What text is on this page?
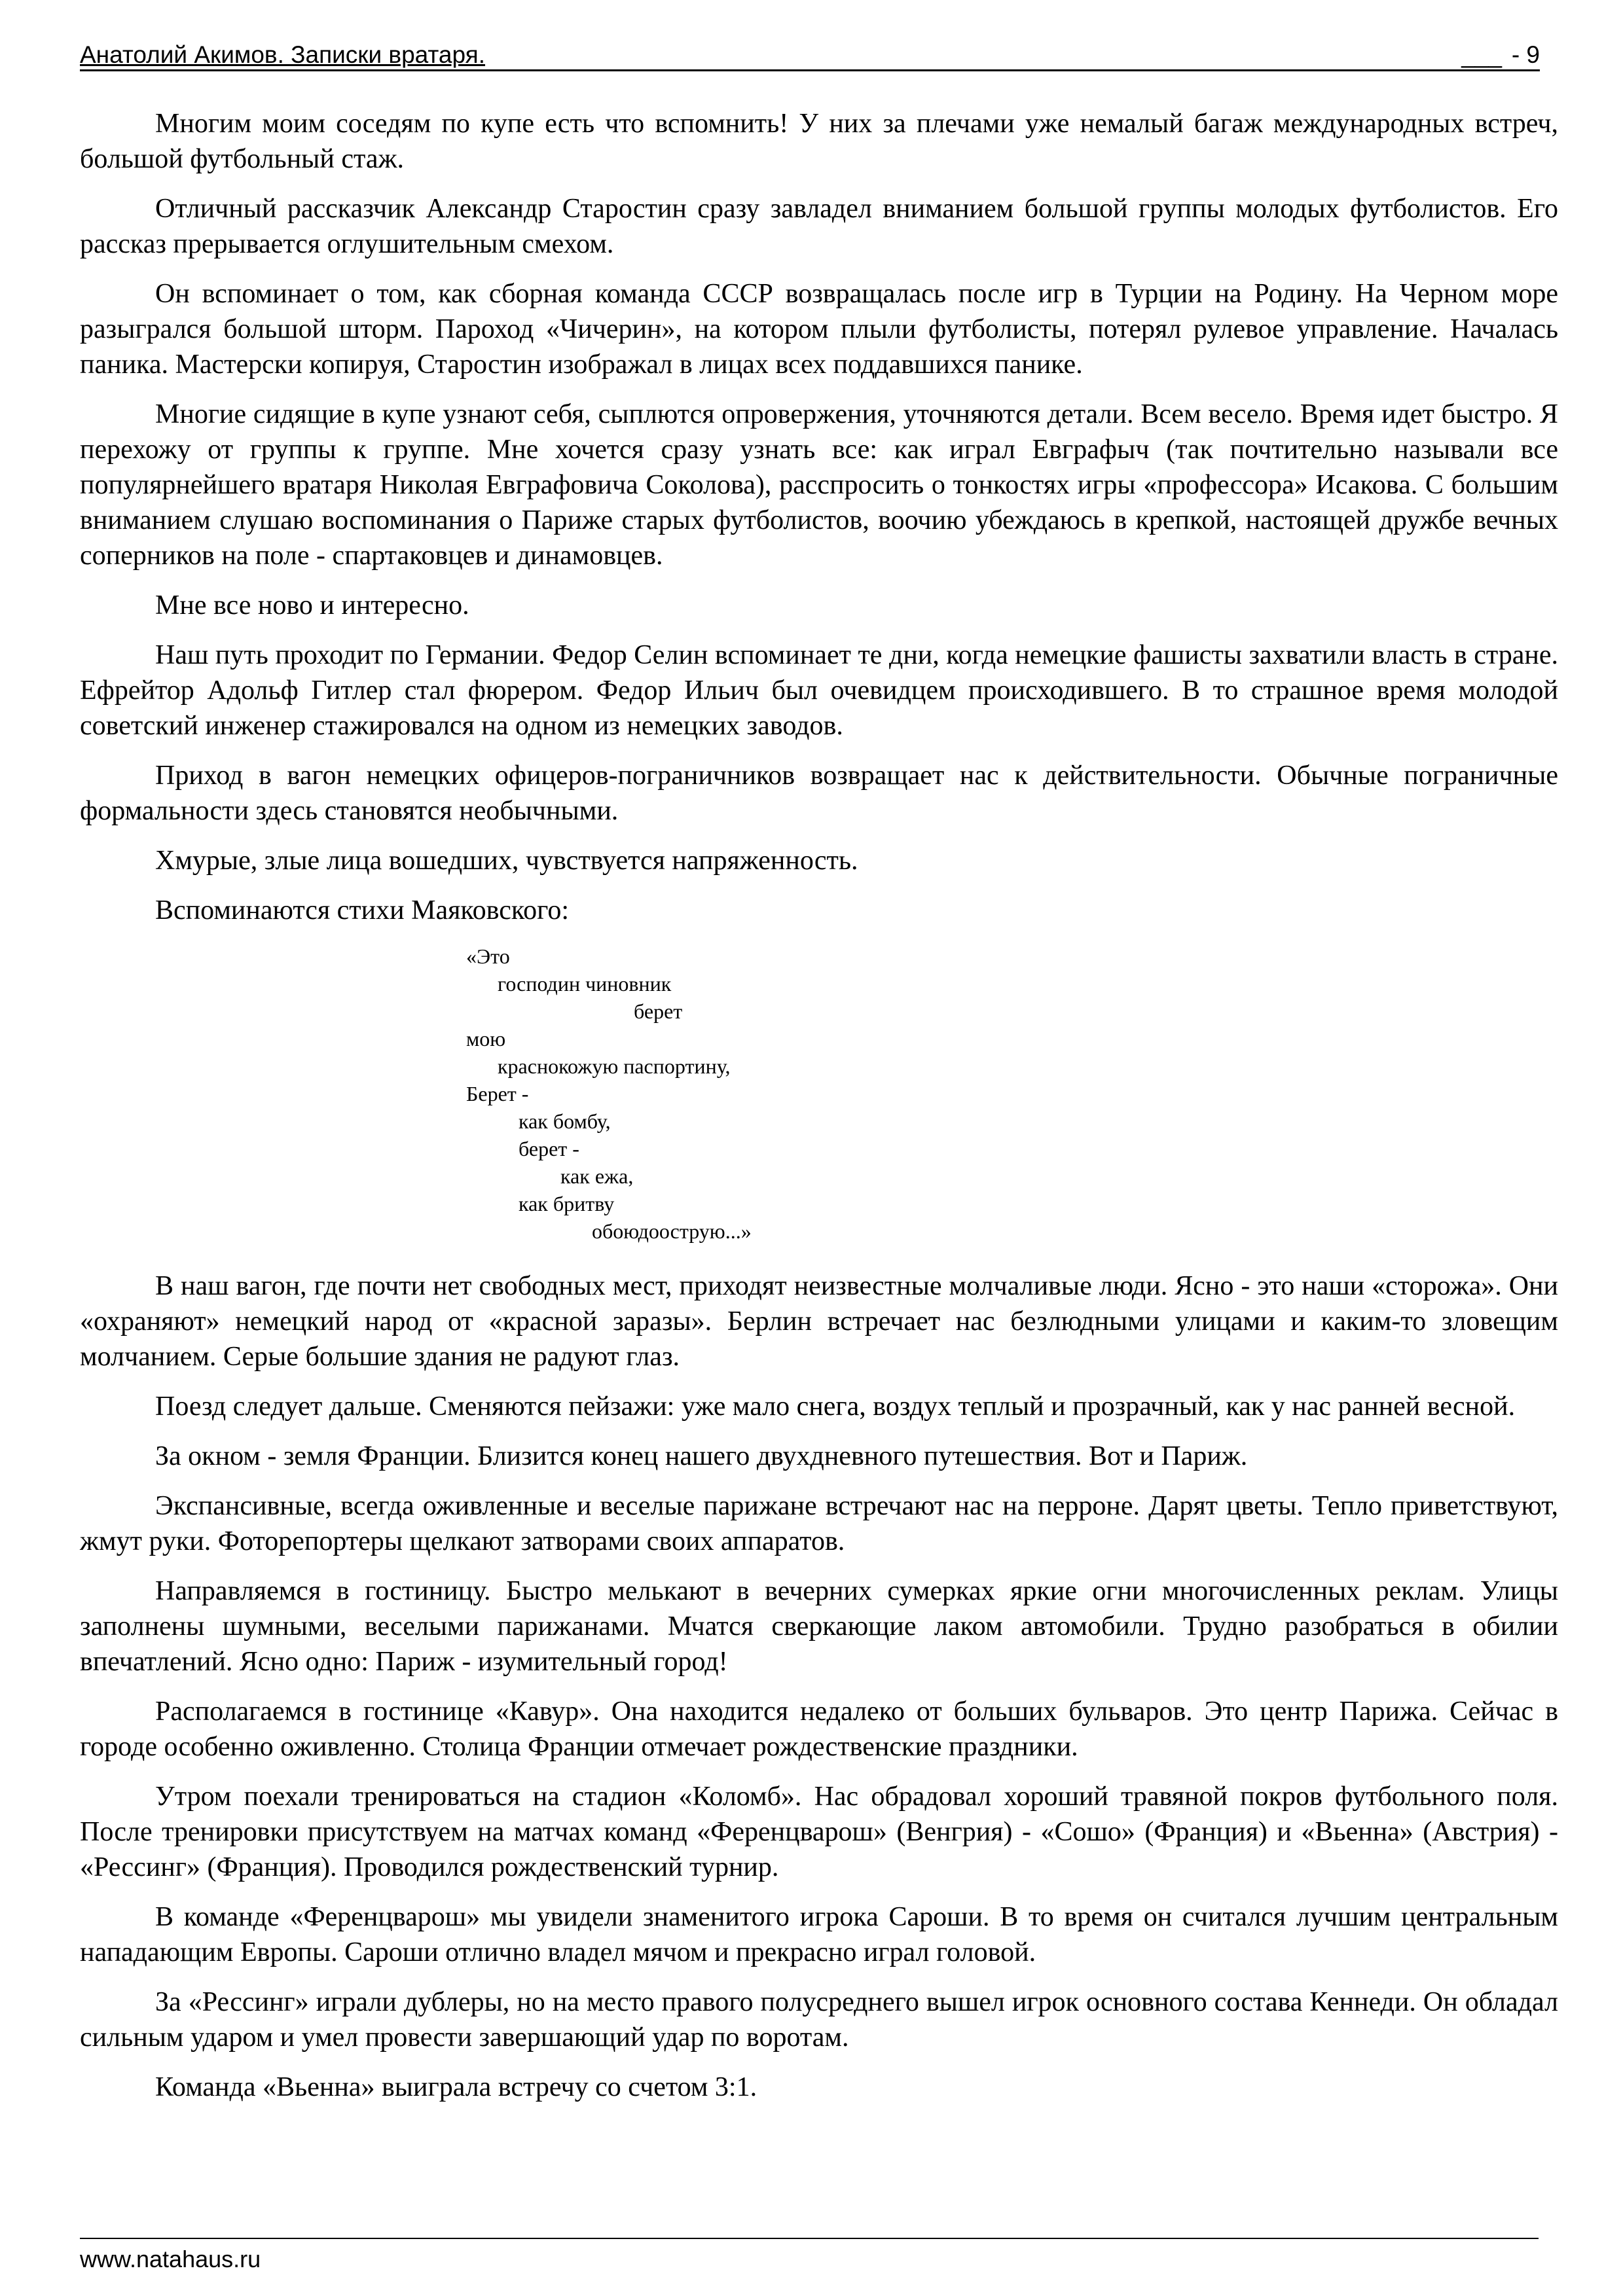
Анатолий Акимов. Записки вратаря.	___ - 9

Многим моим соседям по купе есть что вспомнить! У них за плечами уже немалый багаж международных встреч, большой футбольный стаж.

Отличный рассказчик Александр Старостин сразу завладел вниманием большой группы молодых футболистов. Его рассказ прерывается оглушительным смехом.

Он вспоминает о том, как сборная команда СССР возвращалась после игр в Турции на Родину. На Черном море разыгрался большой шторм. Пароход «Чичерин», на котором плыли футболисты, потерял рулевое управление. Началась паника. Мастерски копируя, Старостин изображал в лицах всех поддавшихся панике.

Многие сидящие в купе узнают себя, сыплются опровержения, уточняются детали. Всем весело. Время идет быстро. Я перехожу от группы к группе. Мне хочется сразу узнать все: как играл Евграфыч (так почтительно называли все популярнейшего вратаря Николая Евграфовича Соколова), расспросить о тонкостях игры «профессора» Исакова. С большим вниманием слушаю воспоминания о Париже старых футболистов, воочию убеждаюсь в крепкой, настоящей дружбе вечных соперников на поле - спартаковцев и динамовцев.

Мне все ново и интересно.

Наш путь проходит по Германии. Федор Селин вспоминает те дни, когда немецкие фашисты захватили власть в стране. Ефрейтор Адольф Гитлер стал фюрером. Федор Ильич был очевидцем происходившего. В то страшное время молодой советский инженер стажировался на одном из немецких заводов.

Приход в вагон немецких офицеров-пограничников возвращает нас к действительности. Обычные пограничные формальности здесь становятся необычными.

Хмурые, злые лица вошедших, чувствуется напряженность.

Вспоминаются стихи Маяковского:

«Это
господин чиновник
берет
мою
краснокожую паспортину,
Берет -
как бомбу,
берет -
как ежа,
как бритву
обоюдоострую...»

В наш вагон, где почти нет свободных мест, приходят неизвестные молчаливые люди. Ясно - это наши «сторожа». Они «охраняют» немецкий народ от «красной заразы». Берлин встречает нас безлюдными улицами и каким-то зловещим молчанием. Серые большие здания не радуют глаз.

Поезд следует дальше. Сменяются пейзажи: уже мало снега, воздух теплый и прозрачный, как у нас ранней весной.

За окном - земля Франции. Близится конец нашего двухдневного путешествия. Вот и Париж.

Экспансивные, всегда оживленные и веселые парижане встречают нас на перроне. Дарят цветы. Тепло приветствуют, жмут руки. Фоторепортеры щелкают затворами своих аппаратов.

Направляемся в гостиницу. Быстро мелькают в вечерних сумерках яркие огни многочисленных реклам. Улицы заполнены шумными, веселыми парижанами. Мчатся сверкающие лаком автомобили. Трудно разобраться в обилии впечатлений. Ясно одно: Париж - изумительный город!

Располагаемся в гостинице «Кавур». Она находится недалеко от больших бульваров. Это центр Парижа. Сейчас в городе особенно оживленно. Столица Франции отмечает рождественские праздники.

Утром поехали тренироваться на стадион «Коломб». Нас обрадовал хороший травяной покров футбольного поля. После тренировки присутствуем на матчах команд «Ференцварош» (Венгрия) - «Сошо» (Франция) и «Вьенна» (Австрия) - «Рессинг» (Франция). Проводился рождественский турнир.

В команде «Ференцварош» мы увидели знаменитого игрока Сароши. В то время он считался лучшим центральным нападающим Европы. Сароши отлично владел мячом и прекрасно играл головой.

За «Рессинг» играли дублеры, но на место правого полусреднего вышел игрок основного состава Кеннеди. Он обладал сильным ударом и умел провести завершающий удар по воротам.

Команда «Вьенна» выиграла встречу со счетом 3:1.

www.natahaus.ru
